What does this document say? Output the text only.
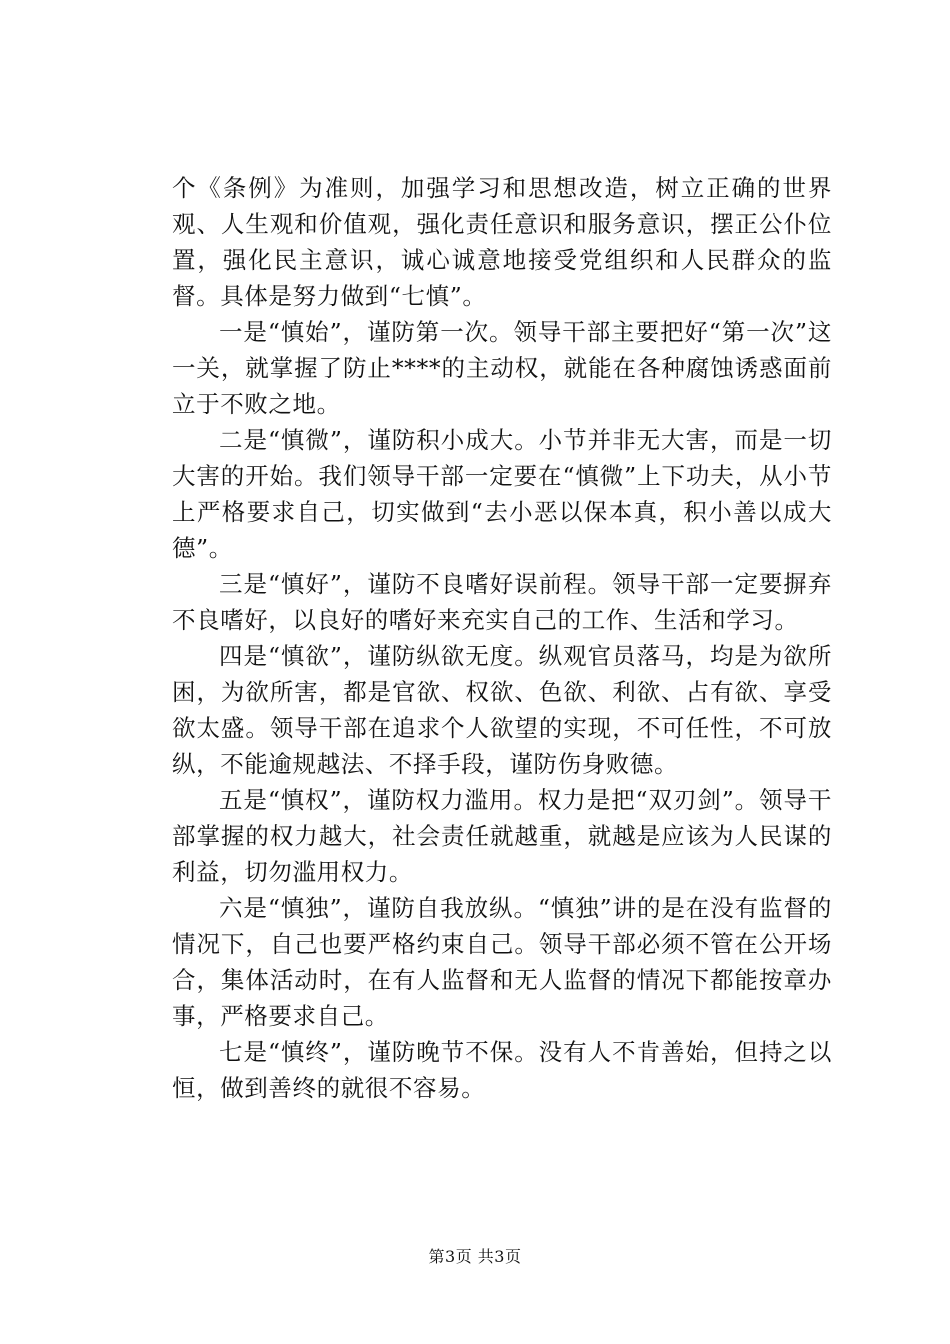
个《条例》为准则，加强学习和思想改造，树立正确的世界观、人生观和价值观，强化责任意识和服务意识，摆正公仆位置，强化民主意识，诚心诚意地接受党组织和人民群众的监督。具体是努力做到“七慎”。

一是“慎始”，谨防第一次。领导干部主要把好“第一次”这一关，就掌握了防止****的主动权，就能在各种腐蚀诱惑面前立于不败之地。

二是“慎微”，谨防积小成大。小节并非无大害，而是一切大害的开始。我们领导干部一定要在“慎微”上下功夫，从小节上严格要求自己，切实做到“去小恶以保本真，积小善以成大德”。

三是“慎好”，谨防不良嗜好误前程。领导干部一定要摒弃不良嗜好，以良好的嗜好来充实自己的工作、生活和学习。

四是“慎欲”，谨防纵欲无度。纵观官员落马，均是为欲所困，为欲所害，都是官欲、权欲、色欲、利欲、占有欲、享受欲太盛。领导干部在追求个人欲望的实现，不可任性，不可放纵，不能逾规越法、不择手段，谨防伤身败德。

五是“慎权”，谨防权力滥用。权力是把“双刃剑”。领导干部掌握的权力越大，社会责任就越重，就越是应该为人民谋的利益，切勿滥用权力。

六是“慎独”，谨防自我放纵。“慎独”讲的是在没有监督的情况下，自己也要严格约束自己。领导干部必须不管在公开场合，集体活动时，在有人监督和无人监督的情况下都能按章办事，严格要求自己。

七是“慎终”，谨防晚节不保。没有人不肯善始，但持之以恒，做到善终的就很不容易。

第3页 共3页
